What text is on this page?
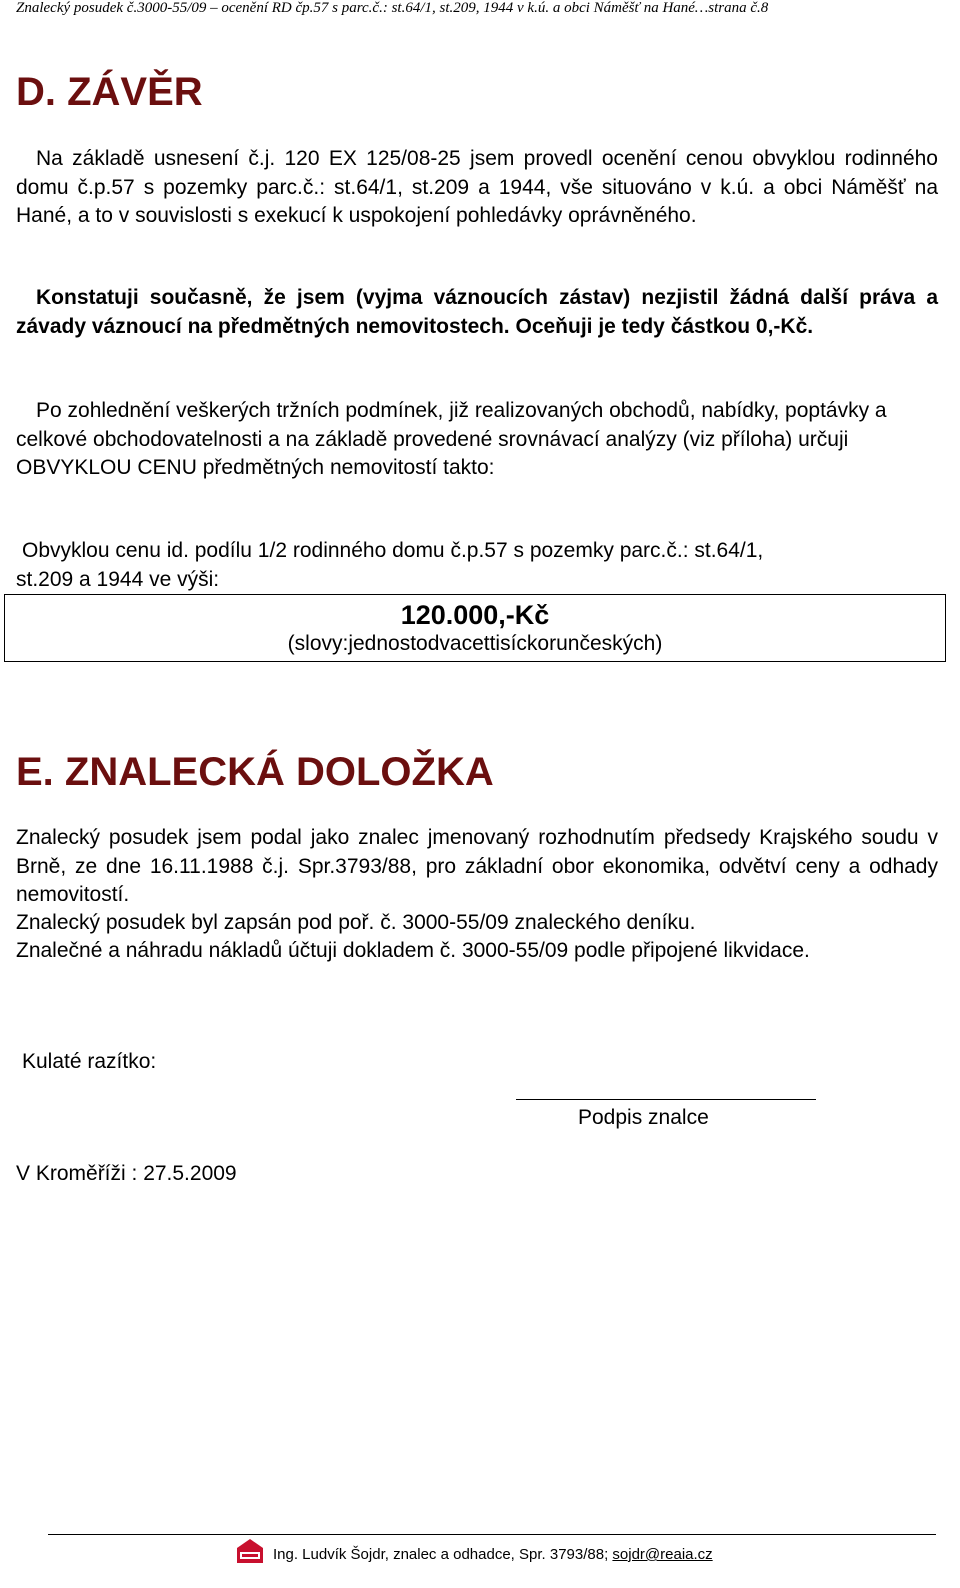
Znalecký posudek č.3000-55/09 – ocenění RD čp.57 s parc.č.: st.64/1, st.209, 1944 v k.ú. a obci Náměšť na Hané…strana č.8
D. ZÁVĚR
Na základě usnesení č.j. 120 EX 125/08-25 jsem provedl ocenění cenou obvyklou rodinného domu č.p.57 s pozemky parc.č.: st.64/1, st.209 a 1944, vše situováno v k.ú. a obci Náměšť na Hané, a to v souvislosti s exekucí k uspokojení pohledávky oprávněného.
Konstatuji současně, že jsem (vyjma váznoucích zástav) nezjistil žádná další práva a závady váznoucí na předmětných nemovitostech. Oceňuji je tedy částkou 0,-Kč.
Po zohlednění veškerých tržních podmínek, již realizovaných obchodů, nabídky, poptávky a celkové obchodovatelnosti a na základě provedené srovnávací analýzy (viz příloha) určuji OBVYKLOU CENU předmětných nemovitostí takto:
Obvyklou cenu id. podílu 1/2 rodinného domu č.p.57 s pozemky parc.č.: st.64/1,
st.209 a 1944 ve výši:
120.000,-Kč
(slovy:jednostodvacettisíckorunčeských)
E. ZNALECKÁ DOLOŽKA
Znalecký posudek jsem podal jako znalec jmenovaný rozhodnutím předsedy Krajského soudu v Brně, ze dne 16.11.1988 č.j. Spr.3793/88, pro základní obor ekonomika, odvětví ceny a odhady nemovitostí.
Znalecký posudek byl zapsán pod poř. č. 3000-55/09 znaleckého deníku.
Znalečné a náhradu nákladů účtuji dokladem č. 3000-55/09 podle připojené likvidace.
Kulaté razítko:
Podpis znalce
V Kroměříži : 27.5.2009
Ing. Ludvík Šojdr, znalec a odhadce, Spr. 3793/88; sojdr@reaia.cz
